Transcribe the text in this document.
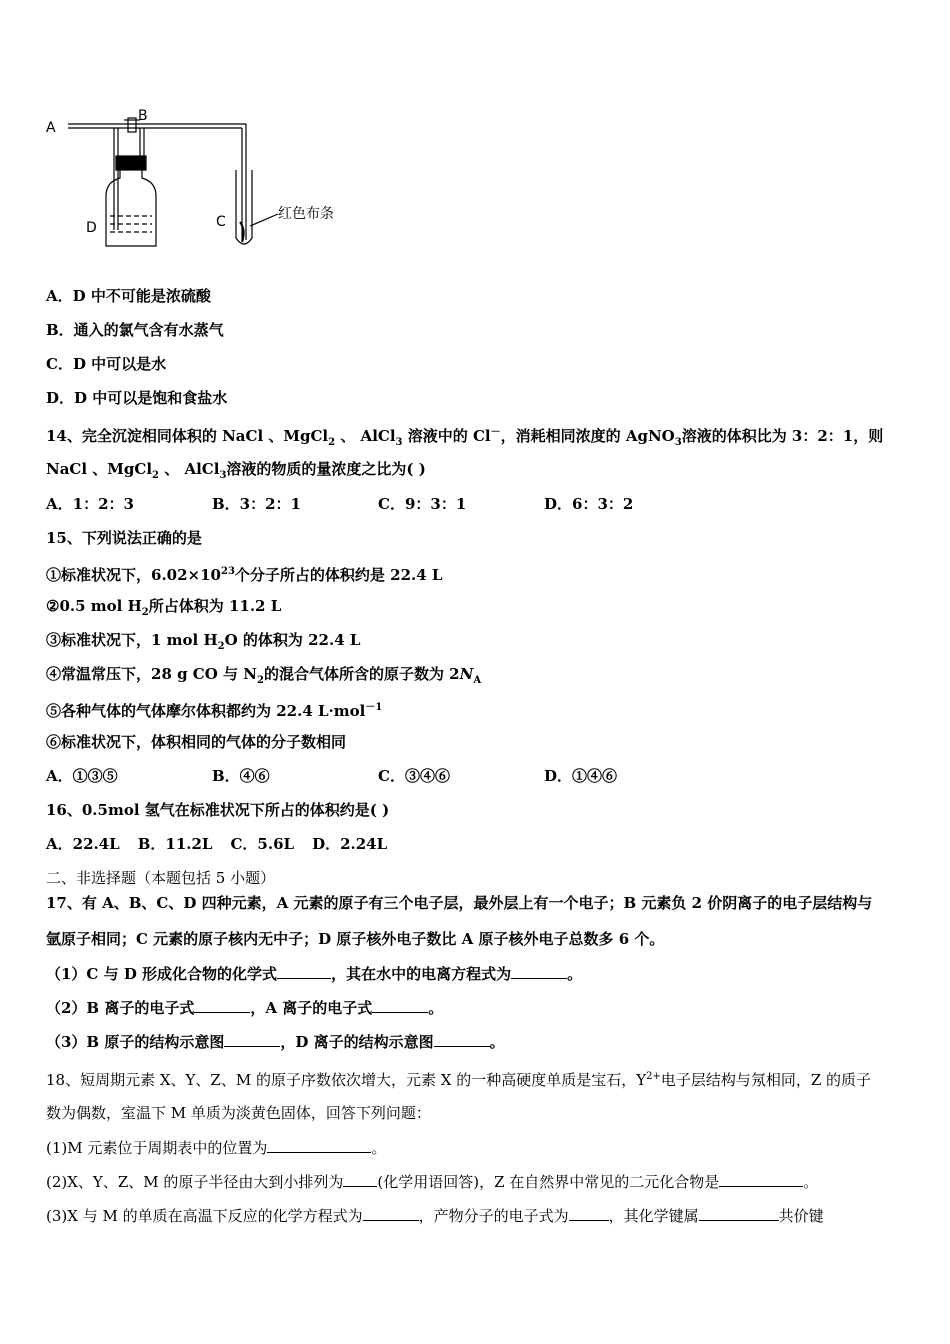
A
B
C
D
红色布条
A．D 中不可能是浓硫酸
B．通入的氯气含有水蒸气
C．D 中可以是水
D．D 中可以是饱和食盐水
14、完全沉淀相同体积的 NaCl 、MgCl$_2$ 、 AlCl$_3$ 溶液中的 Cl－，消耗相同浓度的 AgNO$_3$溶液的体积比为 3：2：1，则
NaCl 、MgCl$_2$ 、 AlCl$_3$溶液的物质的量浓度之比为( )
A．1：2：3	B．3：2：1	C．9：3：1	D．6：3：2
15、下列说法正确的是
①标准状况下，$6.02\times 10^{23}$个分子所占的体积约是 22.4 L
②0.5 mol $H_2$所占体积为 11.2 L
③标准状况下，1 mol $H_2O$ 的体积为 22.4 L
④常温常压下，28 g CO 与 $N_2$的混合气体所含的原子数为 $2N_A$
⑤各种气体的气体摩尔体积都约为 22.4 L·mol$^{-1}$
⑥标准状况下，体积相同的气体的分子数相同
A．①③⑤	B．④⑥	C．③④⑥	D．①④⑥
16、0.5mol 氢气在标准状况下所占的体积约是( )
A．22.4L B．11.2L C．5.6L D．2.24L
二、非选择题（本题包括 5 小题）
17、有 A、B、C、D 四种元素，A 元素的原子有三个电子层，最外层上有一个电子；B 元素负 2 价阴离子的电子层结构与
氩原子相同；C 元素的原子核内无中子；D 原子核外电子数比 A 原子核外电子总数多 6 个。
（1）C 与 D 形成化合物的化学式	，其在水中的电离方程式为	。
（2）B 离子的电子式	，A 离子的电子式	。
（3）B 原子的结构示意图	，D 离子的结构示意图	。
18、短周期元素 X、Y、Z、M 的原子序数依次增大，元素 X 的一种高硬度单质是宝石，$Y^{2+}$电子层结构与氖相同，Z 的质子
数为偶数，室温下 M 单质为淡黄色固体，回答下列问题：
(1)M 元素位于周期表中的位置为	。
(2)X、Y、Z、M 的原子半径由大到小排列为 (化学用语回答)，Z 在自然界中常见的二元化合物是	。
(3)X 与 M 的单质在高温下反应的化学方程式为	，产物分子的电子式为	，其化学键属	共价键
